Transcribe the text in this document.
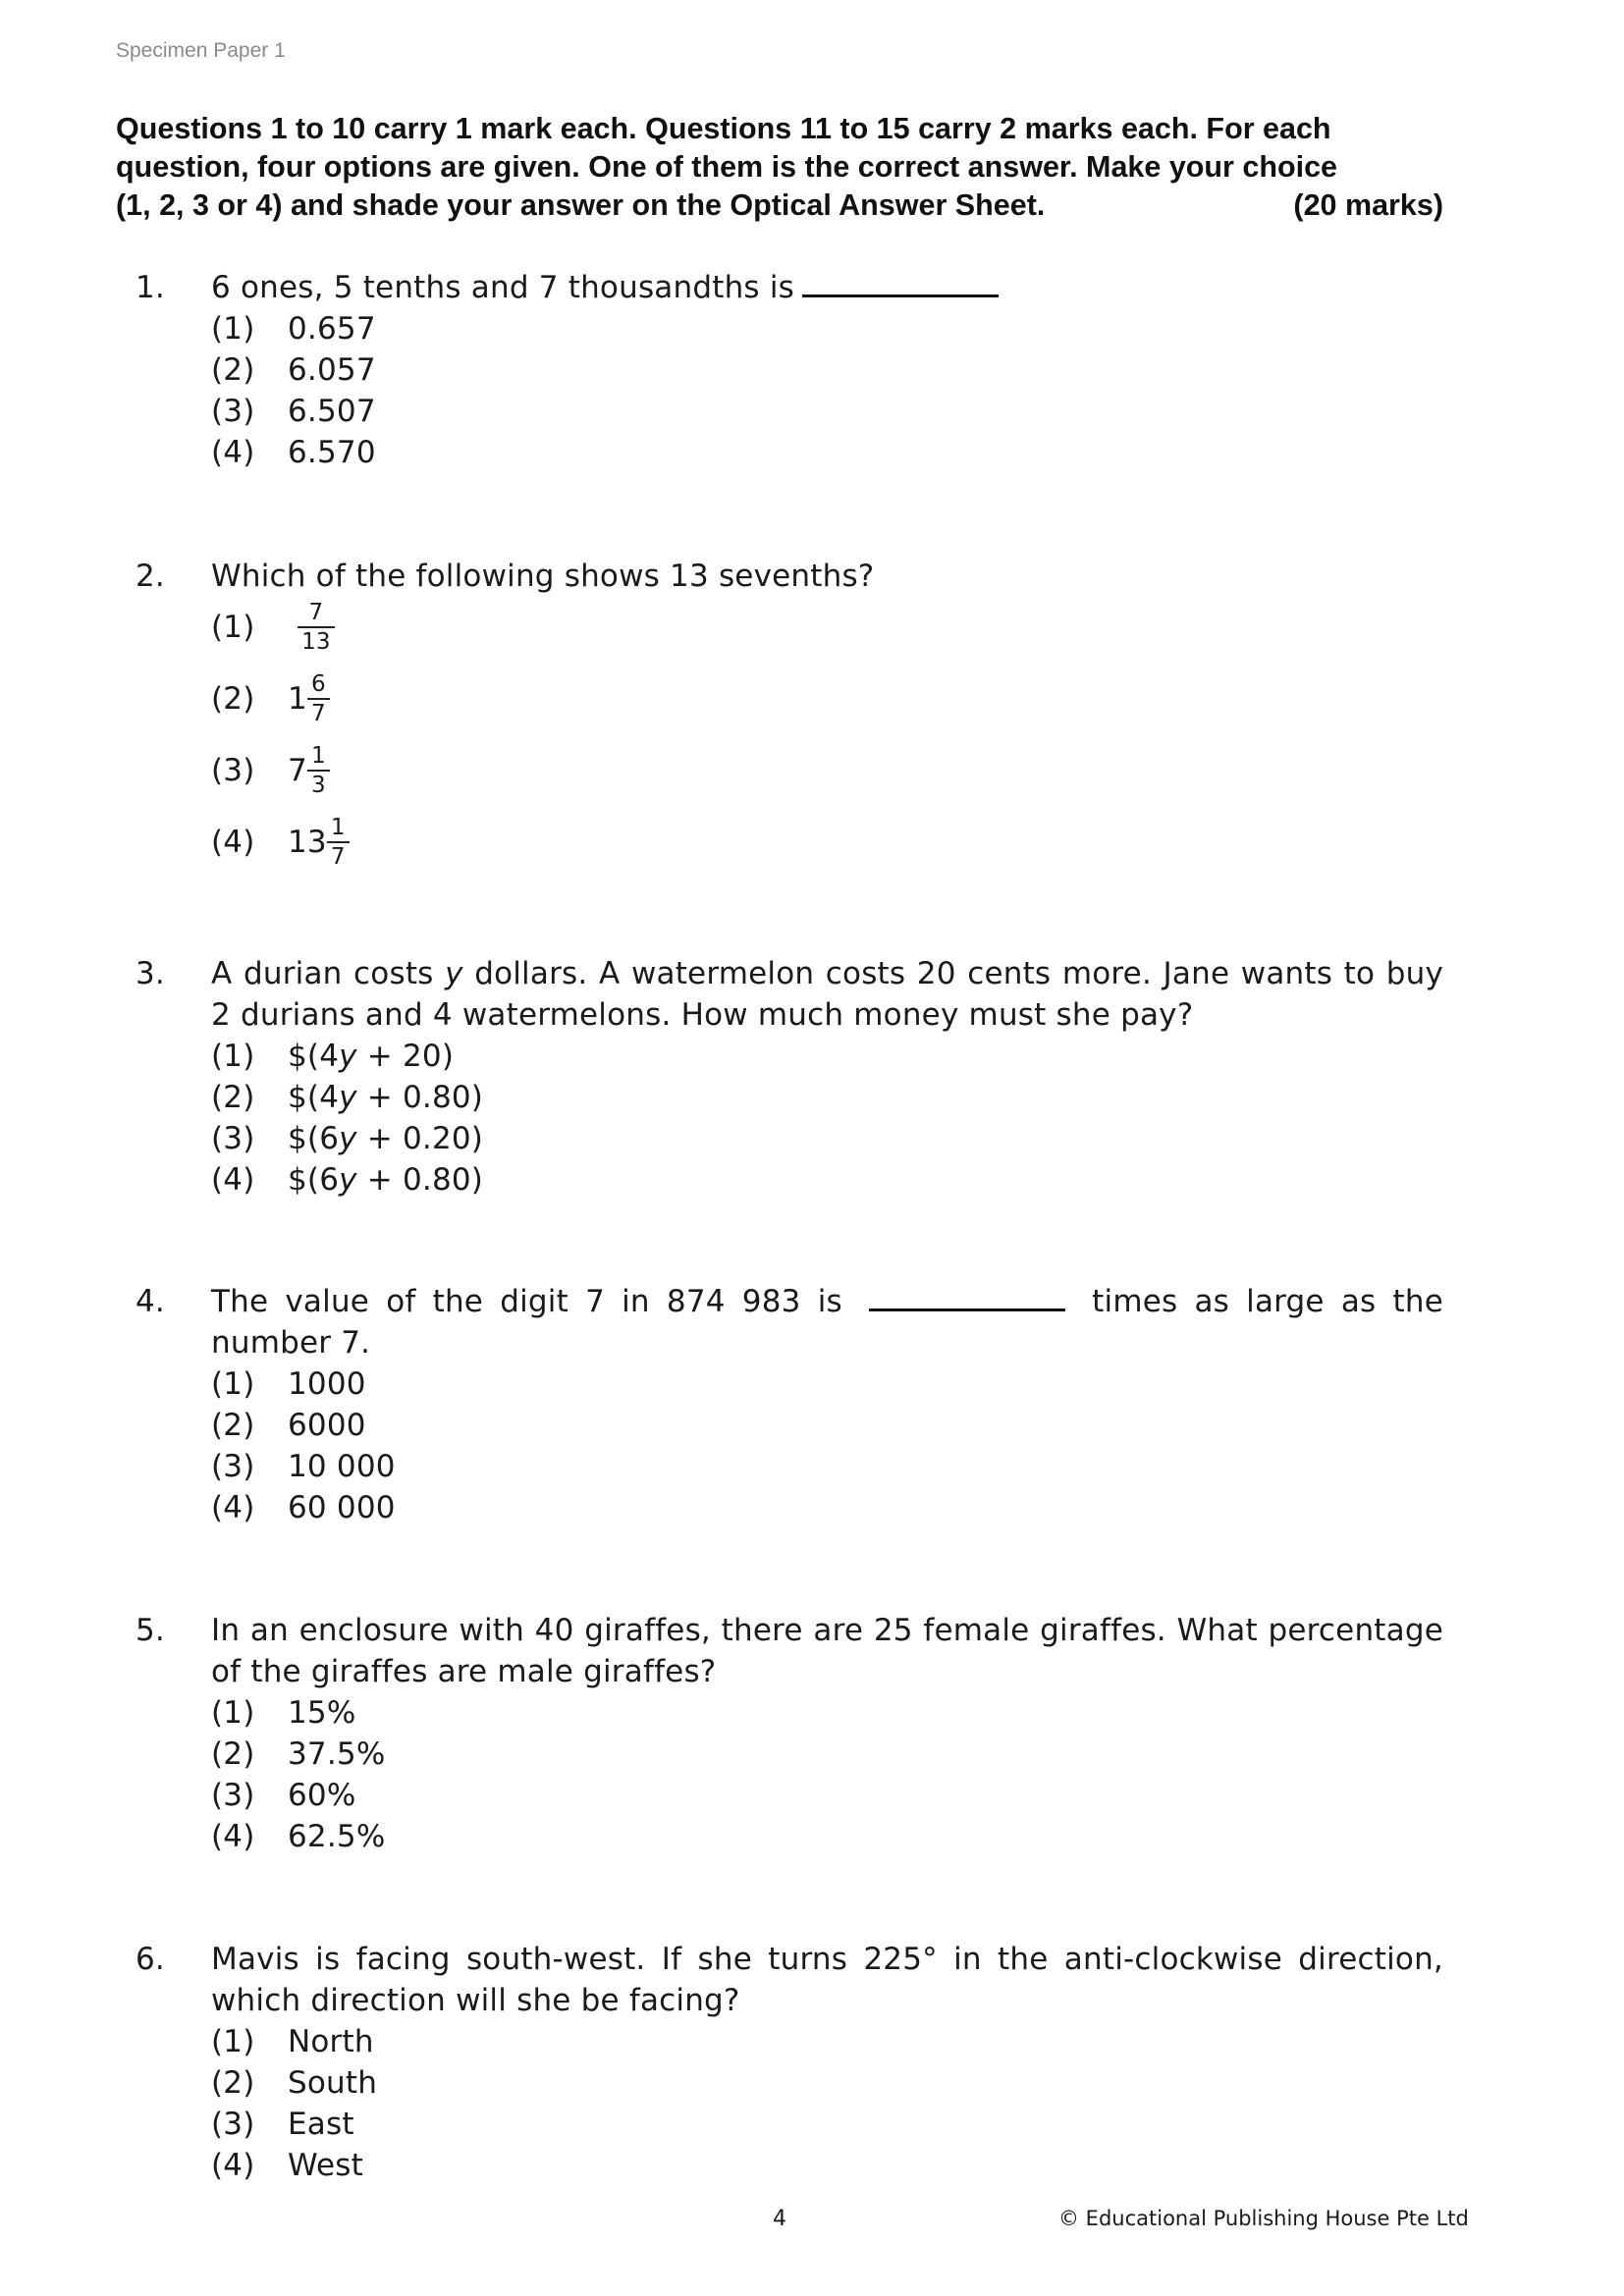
Specimen Paper 1
Questions 1 to 10 carry 1 mark each. Questions 11 to 15 carry 2 marks each. For each
question, four options are given. One of them is the correct answer. Make your choice
(1, 2, 3 or 4) and shade your answer on the Optical Answer Sheet.	(20 marks)
1. 6 ones, 5 tenths and 7 thousandths is
(1) 0.657
(2) 6.057
(3) 6.507
(4) 6.570
2. Which of the following shows 13 sevenths?
$(1) \frac{7}{13}$
(2) $1 \frac{6}{7}$
(3) $7 \frac{1}{3}$
(4) $13 \frac{1}{7}$
3. A durian costs y dollars. A watermelon costs 20 cents more. Jane wants to buy
2 durians and 4 watermelons. How much money must she pay?
(1) $(4y + 20)
(2) $(4y + 0.80)
(3) $(6y + 0.20)
(4) $(6y + 0.80)
4. The value of the digit 7 in 874 983 is	times as large as the
number 7.
(1) 1000
(2) 6000
(3) 10 000
(4) 60 000
5. In an enclosure with 40 giraffes, there are 25 female giraffes. What percentage
of the giraffes are male giraffes?
(1) 15%
(2) 37.5%
(3) 60%
(4) 62.5%
6. Mavis is facing south-west. If she turns 225° in the anti-clockwise direction,
which direction will she be facing?
(1) North
(2) South
(3) East
(4) West
4	© Educational Publishing House Pte Ltd
